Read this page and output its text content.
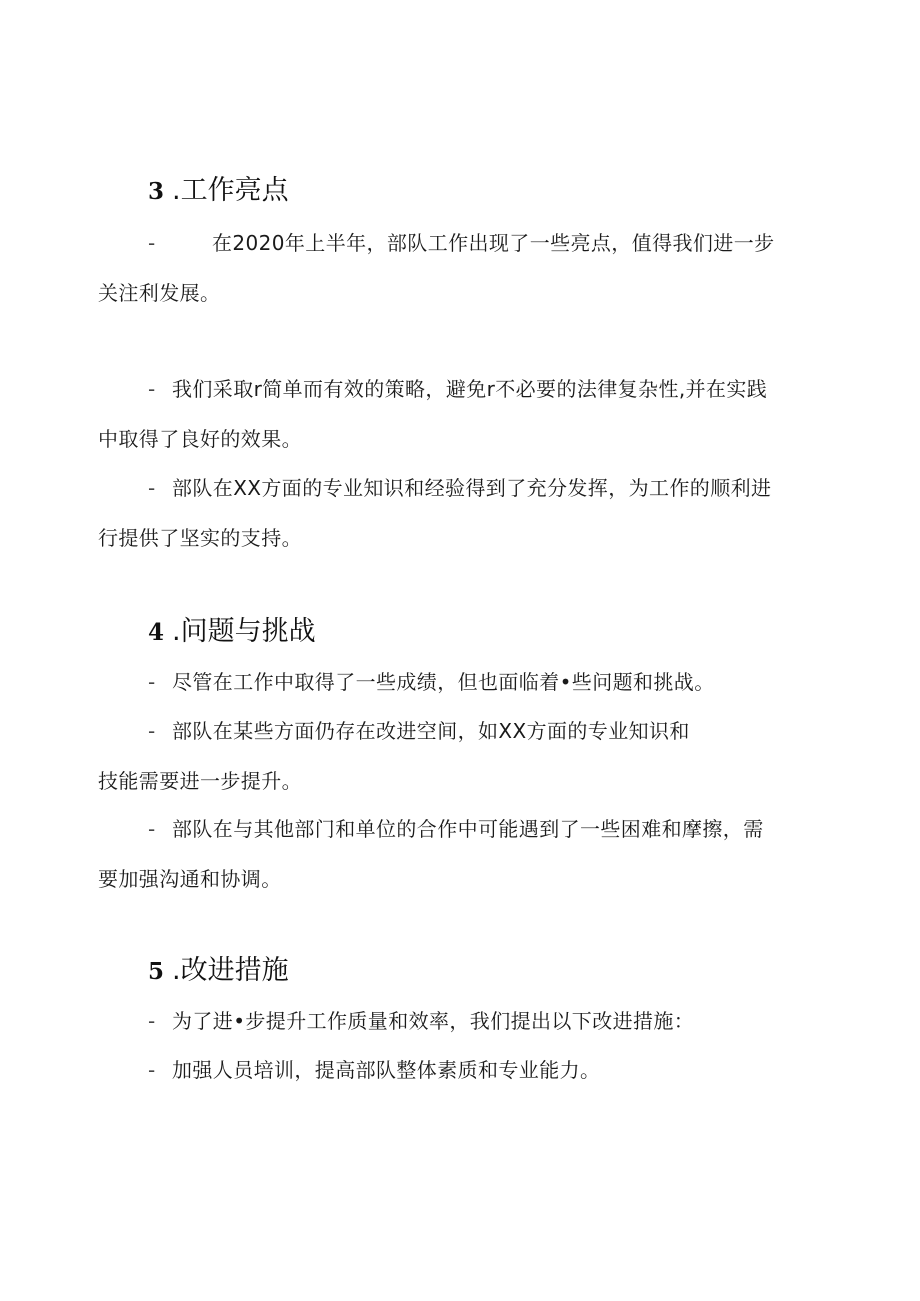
3 .工作亮点
-	在2020年上半年，部队工作出现了一些亮点，值得我们进一步
关注利发展。
- 我们采取r简单而有效的策略，避免r不必要的法律复杂性,并在实践
中取得了良好的效果。
- 部队在XX方面的专业知识和经验得到了充分发挥，为工作的顺利进
行提供了坚实的支持。
4 .问题与挑战
- 尽管在工作中取得了一些成绩，但也面临着•些问题和挑战。
- 部队在某些方面仍存在改进空间，如XX方面的专业知识和
技能需要进一步提升。
- 部队在与其他部门和单位的合作中可能遇到了一些困难和摩擦，需
要加强沟通和协调。
5 .改进措施
- 为了进•步提升工作质量和效率，我们提出以下改进措施：
- 加强人员培训，提高部队整体素质和专业能力。
